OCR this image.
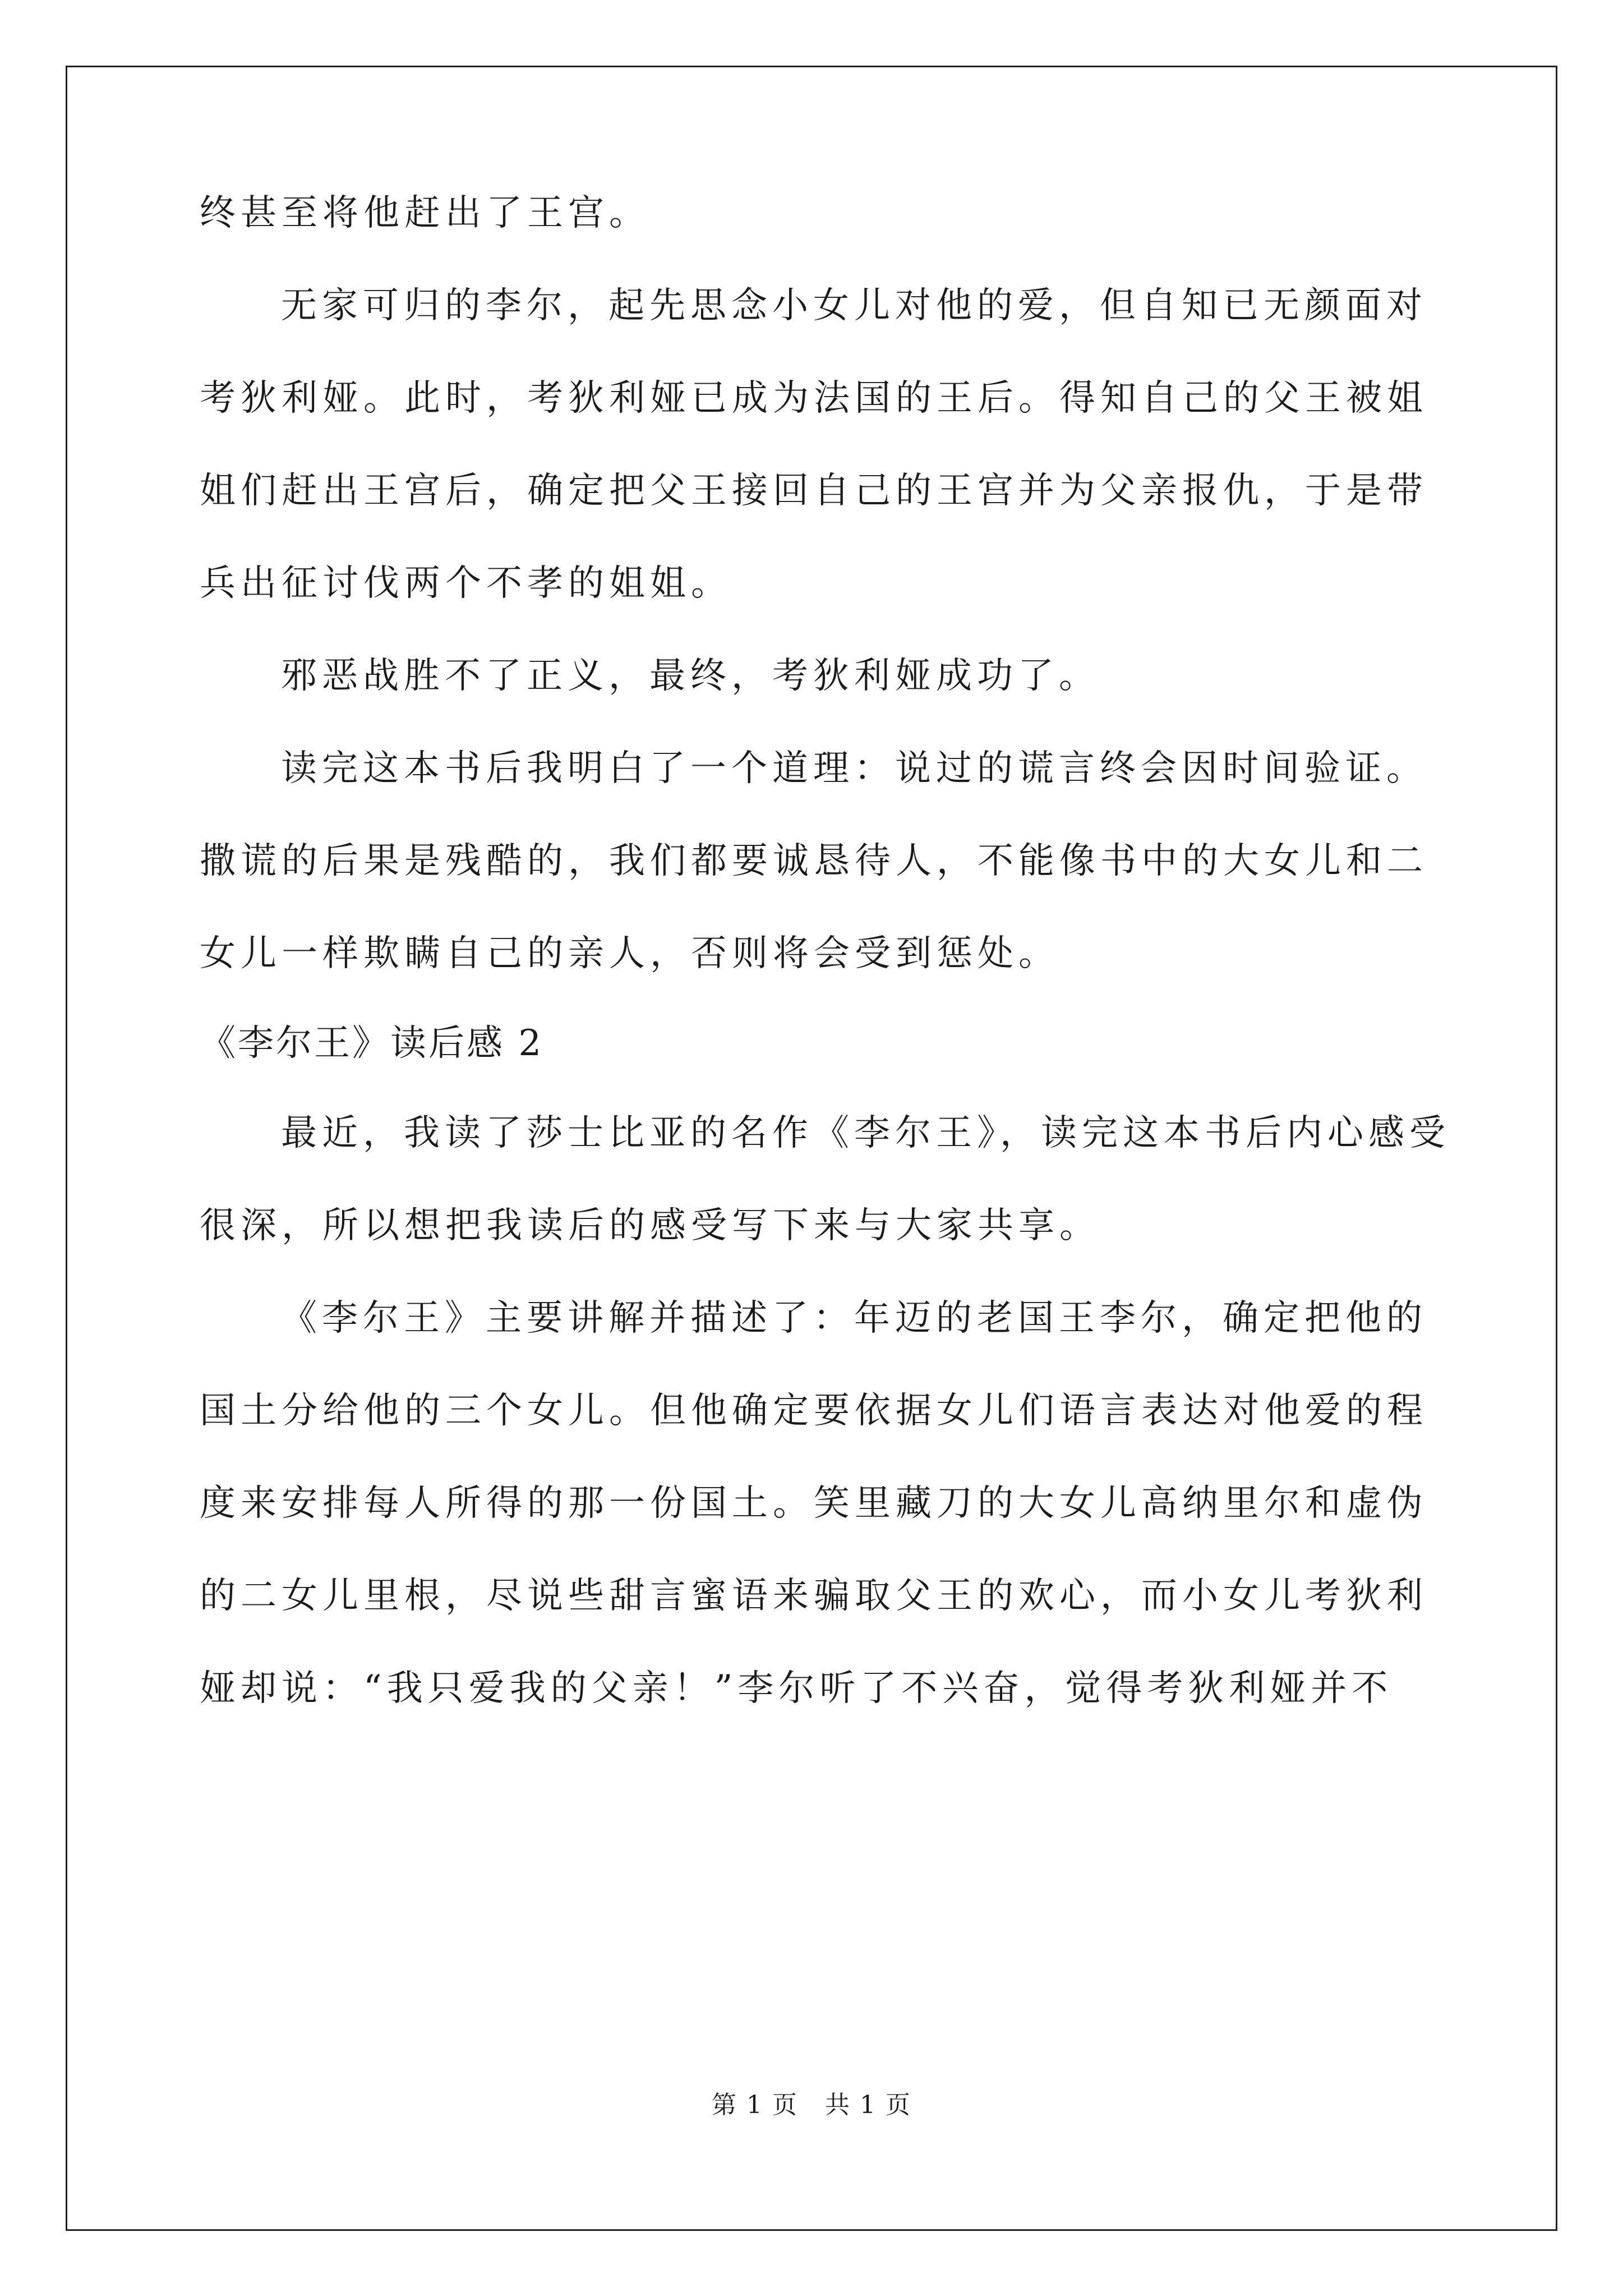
终甚至将他赶出了王宫。
无家可归的李尔，起先思念小女儿对他的爱，但自知已无颜面对
考狄利娅。此时，考狄利娅已成为法国的王后。得知自己的父王被姐
姐们赶出王宫后，确定把父王接回自己的王宫并为父亲报仇，于是带
兵出征讨伐两个不孝的姐姐。
邪恶战胜不了正义，最终，考狄利娅成功了。
读完这本书后我明白了一个道理：说过的谎言终会因时间验证。
撒谎的后果是残酷的，我们都要诚恳待人，不能像书中的大女儿和二
女儿一样欺瞒自己的亲人，否则将会受到惩处。
《李尔王》读后感 2
最近，我读了莎士比亚的名作《李尔王》，读完这本书后内心感受
很深，所以想把我读后的感受写下来与大家共享。
《李尔王》主要讲解并描述了：年迈的老国王李尔，确定把他的
国土分给他的三个女儿。但他确定要依据女儿们语言表达对他爱的程
度来安排每人所得的那一份国土。笑里藏刀的大女儿高纳里尔和虚伪
的二女儿里根，尽说些甜言蜜语来骗取父王的欢心，而小女儿考狄利
娅却说：“我只爱我的父亲！”李尔听了不兴奋，觉得考狄利娅并不
第 1 页 共 1 页
